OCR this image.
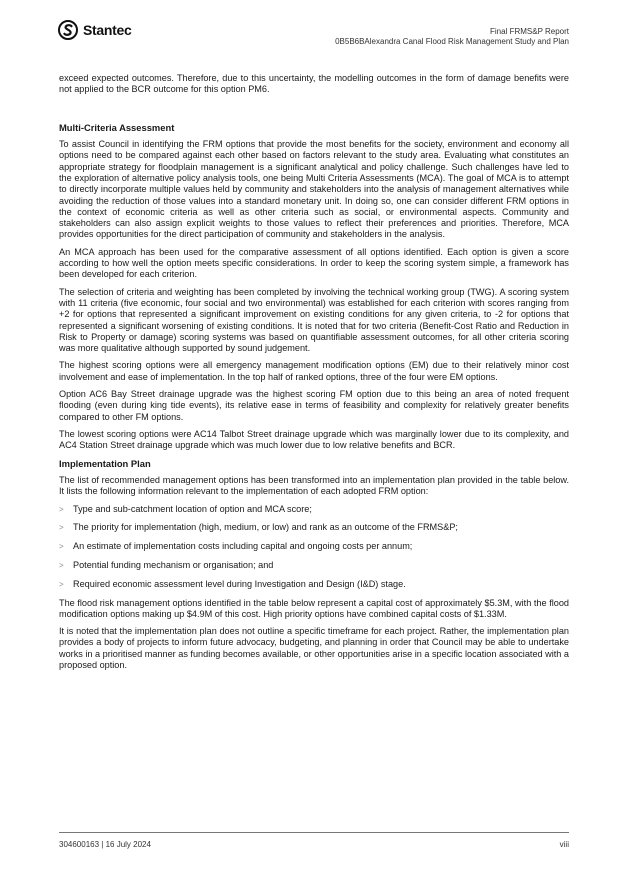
Stantec	Final FRMS&P Report
0B5B6BAlexandra Canal Flood Risk Management Study and Plan

exceed expected outcomes. Therefore, due to this uncertainty, the modelling outcomes in the form of damage benefits were not applied to the BCR outcome for this option PM6.

Multi-Criteria Assessment

To assist Council in identifying the FRM options that provide the most benefits for the society, environment and economy all options need to be compared against each other based on factors relevant to the study area. Evaluating what constitutes an appropriate strategy for floodplain management is a significant analytical and policy challenge. Such challenges have led to the exploration of alternative policy analysis tools, one being Multi Criteria Assessments (MCA). The goal of MCA is to attempt to directly incorporate multiple values held by community and stakeholders into the analysis of management alternatives while avoiding the reduction of those values into a standard monetary unit. In doing so, one can consider different FRM options in the context of economic criteria as well as other criteria such as social, or environmental aspects. Community and stakeholders can also assign explicit weights to those values to reflect their preferences and priorities. Therefore, MCA provides opportunities for the direct participation of community and stakeholders in the analysis.

An MCA approach has been used for the comparative assessment of all options identified. Each option is given a score according to how well the option meets specific considerations. In order to keep the scoring system simple, a framework has been developed for each criterion.

The selection of criteria and weighting has been completed by involving the technical working group (TWG). A scoring system with 11 criteria (five economic, four social and two environmental) was established for each criterion with scores ranging from +2 for options that represented a significant improvement on existing conditions for any given criteria, to -2 for options that represented a significant worsening of existing conditions. It is noted that for two criteria (Benefit-Cost Ratio and Reduction in Risk to Property or damage) scoring systems was based on quantifiable assessment outcomes, for all other criteria scoring was more qualitative although supported by sound judgement.

The highest scoring options were all emergency management modification options (EM) due to their relatively minor cost involvement and ease of implementation. In the top half of ranked options, three of the four were EM options.

Option AC6 Bay Street drainage upgrade was the highest scoring FM option due to this being an area of noted frequent flooding (even during king tide events), its relative ease in terms of feasibility and complexity for relatively greater benefits compared to other FM options.

The lowest scoring options were AC14 Talbot Street drainage upgrade which was marginally lower due to its complexity, and AC4 Station Street drainage upgrade which was much lower due to low relative benefits and BCR.

Implementation Plan

The list of recommended management options has been transformed into an implementation plan provided in the table below. It lists the following information relevant to the implementation of each adopted FRM option:

> Type and sub-catchment location of option and MCA score;
> The priority for implementation (high, medium, or low) and rank as an outcome of the FRMS&P;
> An estimate of implementation costs including capital and ongoing costs per annum;
> Potential funding mechanism or organisation; and
> Required economic assessment level during Investigation and Design (I&D) stage.

The flood risk management options identified in the table below represent a capital cost of approximately $5.3M, with the flood modification options making up $4.9M of this cost. High priority options have combined capital costs of $1.33M.

It is noted that the implementation plan does not outline a specific timeframe for each project. Rather, the implementation plan provides a body of projects to inform future advocacy, budgeting, and planning in order that Council may be able to undertake works in a prioritised manner as funding becomes available, or other opportunities arise in a specific location associated with a proposed option.

304600163 | 16 July 2024	viii
